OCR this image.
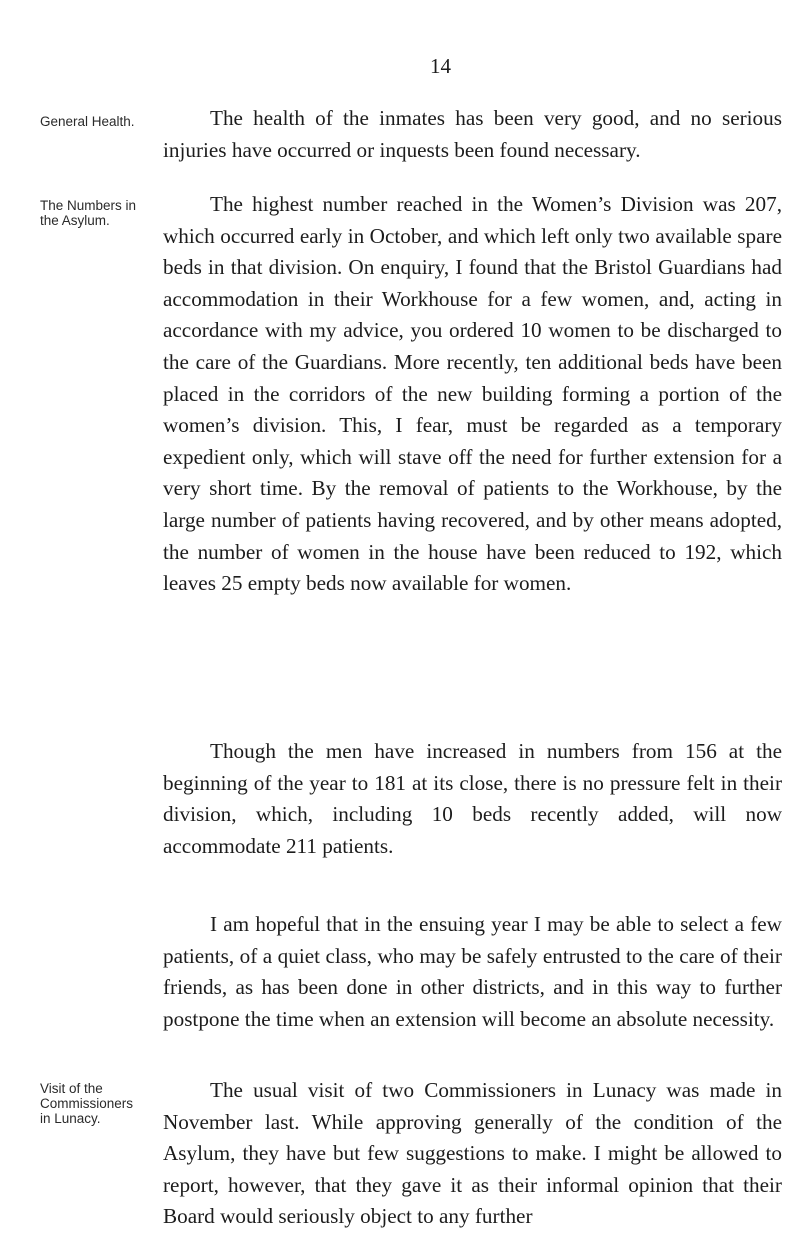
14
General Health.	The health of the inmates has been very good, and no serious injuries have occurred or inquests been found necessary.

The Numbers in the Asylum.

The highest number reached in the Women’s Division was 207, which occurred early in October, and which left only two available spare beds in that division. On enquiry, I found that the Bristol Guardians had accommodation in their Workhouse for a few women, and, acting in accordance with my advice, you ordered 10 women to be discharged to the care of the Guardians. More recently, ten additional beds have been placed in the corridors of the new building forming a portion of the women’s division. This, I fear, must be regarded as a temporary expedient only, which will stave off the need for further extension for a very short time. By the removal of patients to the Workhouse, by the large number of patients having recovered, and by other means adopted, the number of women in the house have been reduced to 192, which leaves 25 empty beds now available for women.

Though the men have increased in numbers from 156 at the beginning of the year to 181 at its close, there is no pressure felt in their division, which, including 10 beds recently added, will now accommodate 211 patients.

I am hopeful that in the ensuing year I may be able to select a few patients, of a quiet class, who may be safely entrusted to the care of their friends, as has been done in other districts, and in this way to further postpone the time when an extension will become an absolute necessity.

Visit of the Commissioners in Lunacy.

The usual visit of two Commissioners in Lunacy was made in November last. While approving generally of the condition of the Asylum, they have but few suggestions to make. I might be allowed to report, however, that they gave it as their informal opinion that their Board would seriously object to any further
